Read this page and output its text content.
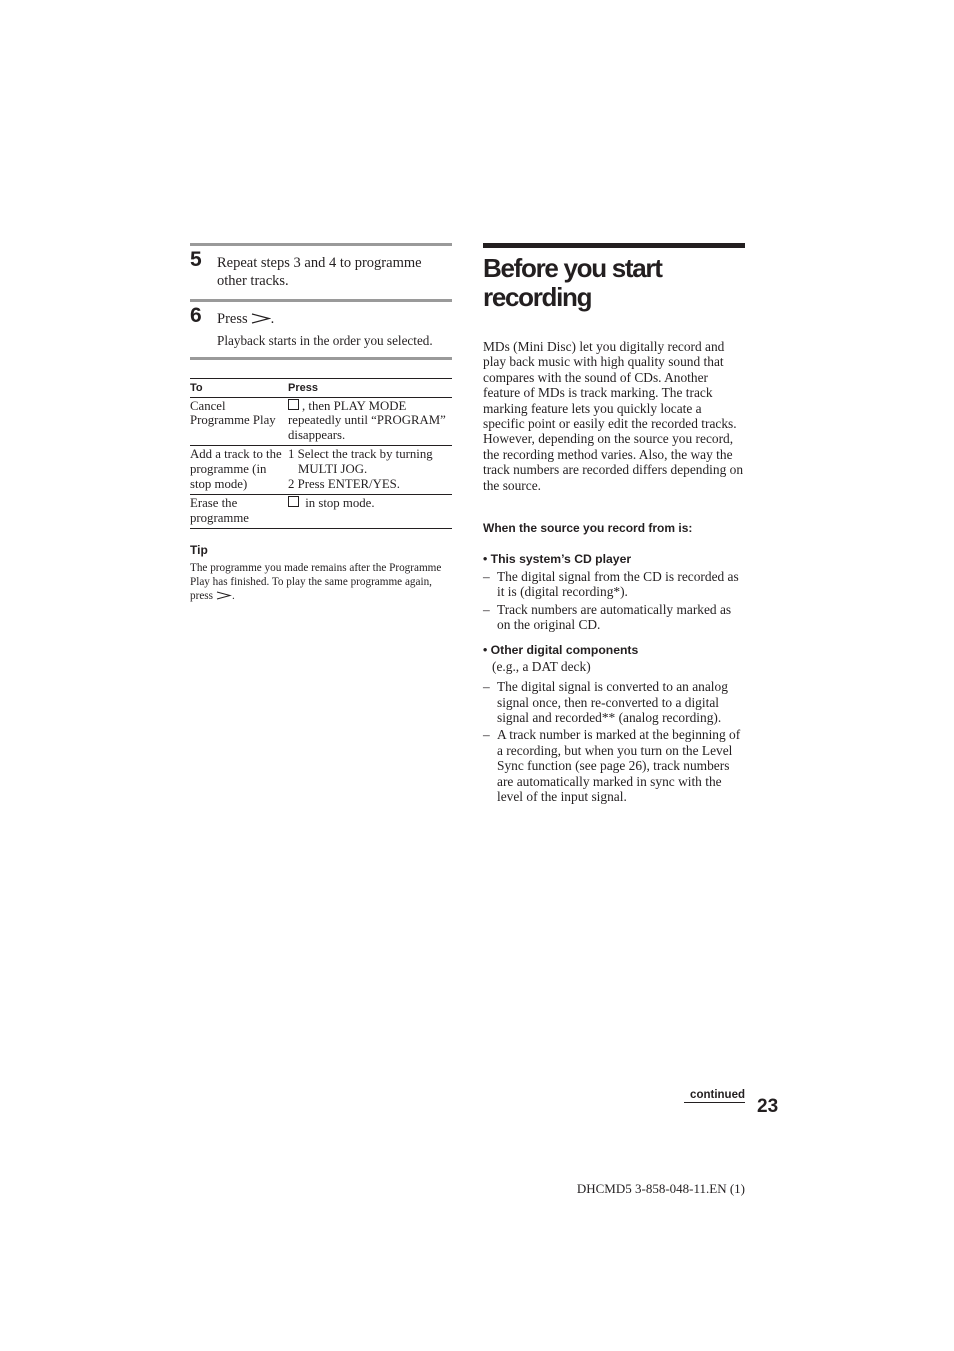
5 Repeat steps 3 and 4 to programme other tracks.
6 Press .
Playback starts in the order you selected.
To	Press
Cancel Programme Play	, then PLAY MODE repeatedly until “PROGRAM” disappears.
Add a track to the programme (in stop mode)	1 Select the track by turning
MULTI JOG.
2 Press ENTER/YES.

Erase the programme	in stop mode.
Tip
The programme you made remains after the Programme Play has finished. To play the same programme again, press .
Before you start
recording
MDs (Mini Disc) let you digitally record and play back music with high quality sound that compares with the sound of CDs. Another feature of MDs is track marking. The track marking feature lets you quickly locate a specific point or easily edit the recorded tracks. However, depending on the source you record, the recording method varies. Also, the way the track numbers are recorded differs depending on the source.
When the source you record from is:
• This system’s CD player
– The digital signal from the CD is recorded as it is (digital recording*).
– Track numbers are automatically marked as on the original CD.
• Other digital components
(e.g., a DAT deck)
– The digital signal is converted to an analog signal once, then re-converted to a digital signal and recorded** (analog recording).
– A track number is marked at the beginning of a recording, but when you turn on the Level Sync function (see page 26), track numbers are automatically marked in sync with the level of the input signal.
continued
23
DHCMD5 3-858-048-11.EN (1)
